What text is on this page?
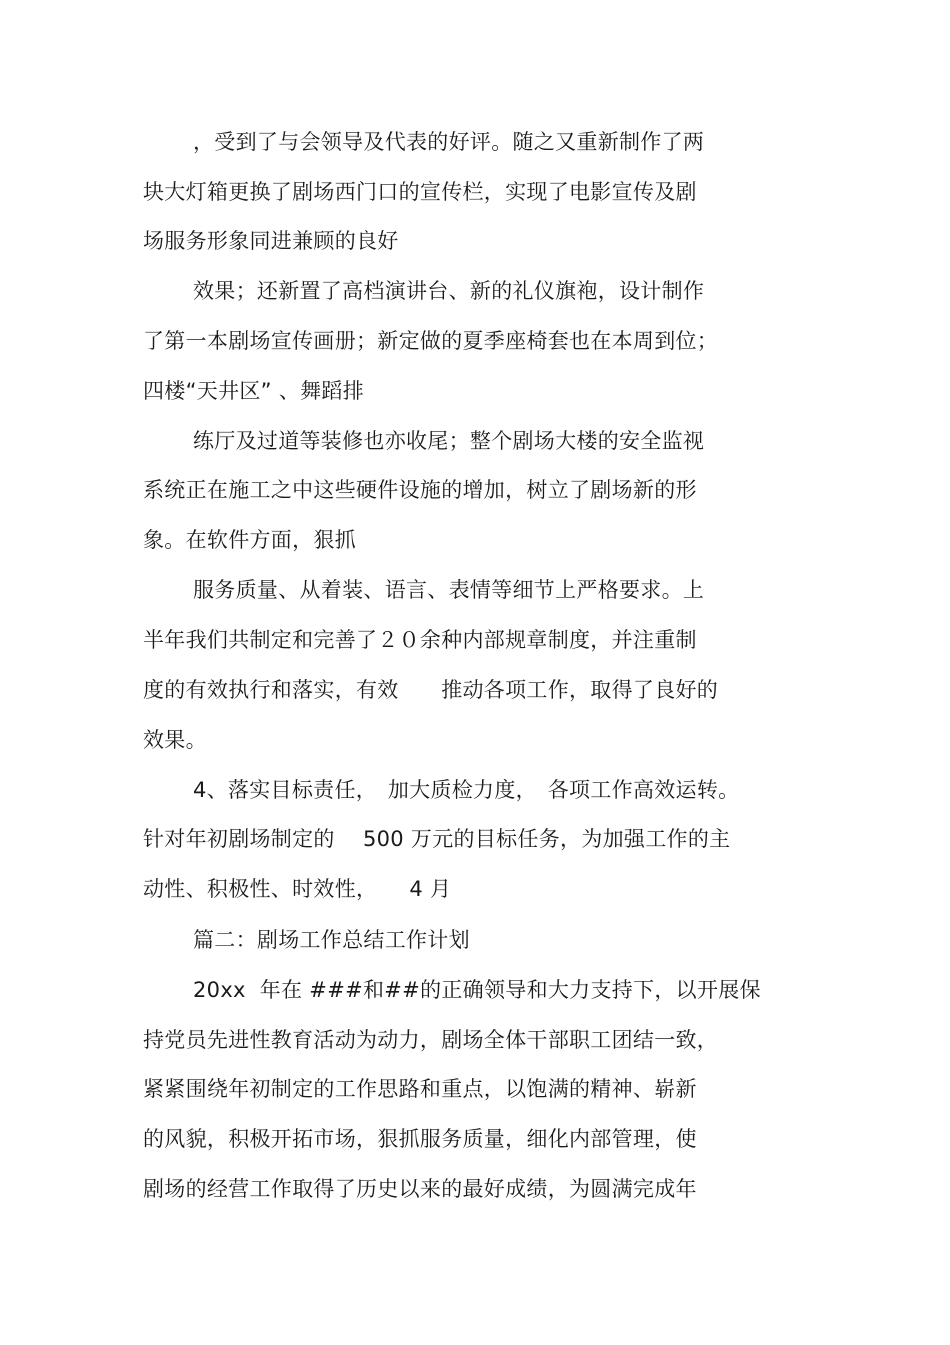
，受到了与会领导及代表的好评。随之又重新制作了两
块大灯箱更换了剧场西门口的宣传栏，实现了电影宣传及剧
场服务形象同进兼顾的良好
效果；还新置了高档演讲台、新的礼仪旗袍，设计制作
了第一本剧场宣传画册；新定做的夏季座椅套也在本周到位；
四楼“天井区” 、舞蹈排
练厅及过道等装修也亦收尾；整个剧场大楼的安全监视
系统正在施工之中这些硬件设施的增加，树立了剧场新的形
象。在软件方面，狠抓
服务质量、从着装、语言、表情等细节上严格要求。上
半年我们共制定和完善了２０余种内部规章制度，并注重制
度的有效执行和落实，有效　　推动各项工作，取得了良好的
效果。
4、落实目标责任，　加大质检力度，　各项工作高效运转。
针对年初剧场制定的　 500 万元的目标任务，为加强工作的主
动性、积极性、时效性，　　4 月
篇二：剧场工作总结工作计划
20xx  年在 ###和##的正确领导和大力支持下，以开展保
持党员先进性教育活动为动力，剧场全体干部职工团结一致，
紧紧围绕年初制定的工作思路和重点，以饱满的精神、崭新
的风貌，积极开拓市场，狠抓服务质量，细化内部管理，使
剧场的经营工作取得了历史以来的最好成绩，为圆满完成年
